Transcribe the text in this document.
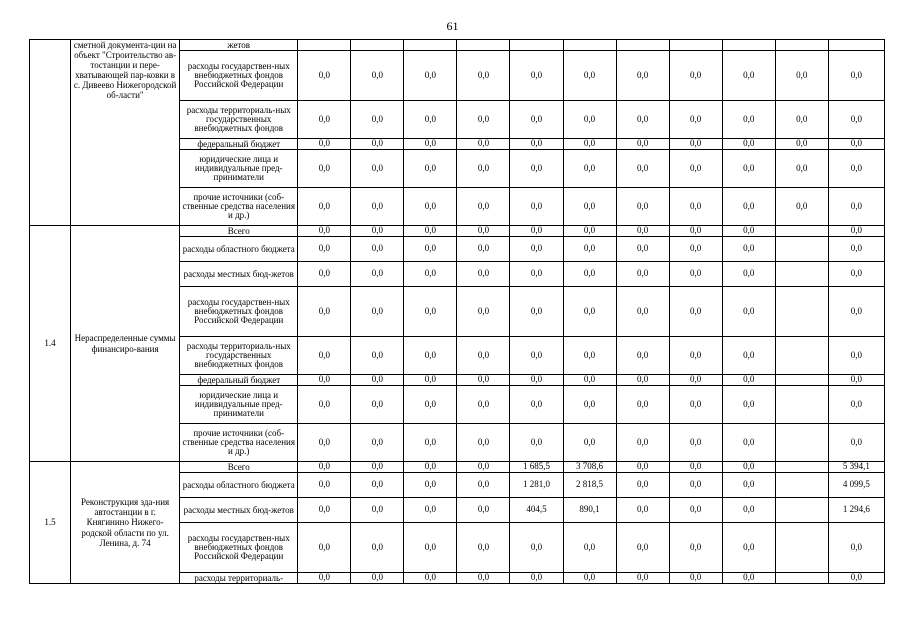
61
	сметной документа-ции на объект "Строительство ав-тостанции и пере-хватывающей пар-ковки в с. Дивеево Нижегородской об-ласти"	жетов											
		расходы государствен-ных внебюджетных фондов Российской Федерации	0,0	0,0	0,0	0,0	0,0	0,0	0,0	0,0	0,0	0,0	0,0
		расходы территориаль-ных государственных внебюджетных фондов	0,0	0,0	0,0	0,0	0,0	0,0	0,0	0,0	0,0	0,0	0,0
		федеральный бюджет	0,0	0,0	0,0	0,0	0,0	0,0	0,0	0,0	0,0	0,0	0,0
		юридические лица и индивидуальные пред-приниматели	0,0	0,0	0,0	0,0	0,0	0,0	0,0	0,0	0,0	0,0	0,0
		прочие источники (соб-ственные средства населения и др.)	0,0	0,0	0,0	0,0	0,0	0,0	0,0	0,0	0,0	0,0	0,0
1.4	Нераспределенные суммы финансиро-вания	Всего	0,0	0,0	0,0	0,0	0,0	0,0	0,0	0,0	0,0		0,0
		расходы областного бюджета	0,0	0,0	0,0	0,0	0,0	0,0	0,0	0,0	0,0		0,0
		расходы местных бюд-жетов	0,0	0,0	0,0	0,0	0,0	0,0	0,0	0,0	0,0		0,0
		расходы государствен-ных внебюджетных фондов Российской Федерации	0,0	0,0	0,0	0,0	0,0	0,0	0,0	0,0	0,0		0,0
		расходы территориаль-ных государственных внебюджетных фондов	0,0	0,0	0,0	0,0	0,0	0,0	0,0	0,0	0,0		0,0
		федеральный бюджет	0,0	0,0	0,0	0,0	0,0	0,0	0,0	0,0	0,0		0,0
		юридические лица и индивидуальные пред-приниматели	0,0	0,0	0,0	0,0	0,0	0,0	0,0	0,0	0,0		0,0
		прочие источники (соб-ственные средства населения и др.)	0,0	0,0	0,0	0,0	0,0	0,0	0,0	0,0	0,0		0,0
1.5	Реконструкция зда-ния автостанции в г. Княгинино Нижего-родской области по ул. Ленина, д. 74	Всего	0,0	0,0	0,0	0,0	1 685,5	3 708,6	0,0	0,0	0,0		5 394,1
		расходы областного бюджета	0,0	0,0	0,0	0,0	1 281,0	2 818,5	0,0	0,0	0,0		4 099,5
		расходы местных бюд-жетов	0,0	0,0	0,0	0,0	404,5	890,1	0,0	0,0	0,0		1 294,6
		расходы государствен-ных внебюджетных фондов Российской Федерации	0,0	0,0	0,0	0,0	0,0	0,0	0,0	0,0	0,0		0,0
		расходы территориаль-	0,0	0,0	0,0	0,0	0,0	0,0	0,0	0,0	0,0		0,0
